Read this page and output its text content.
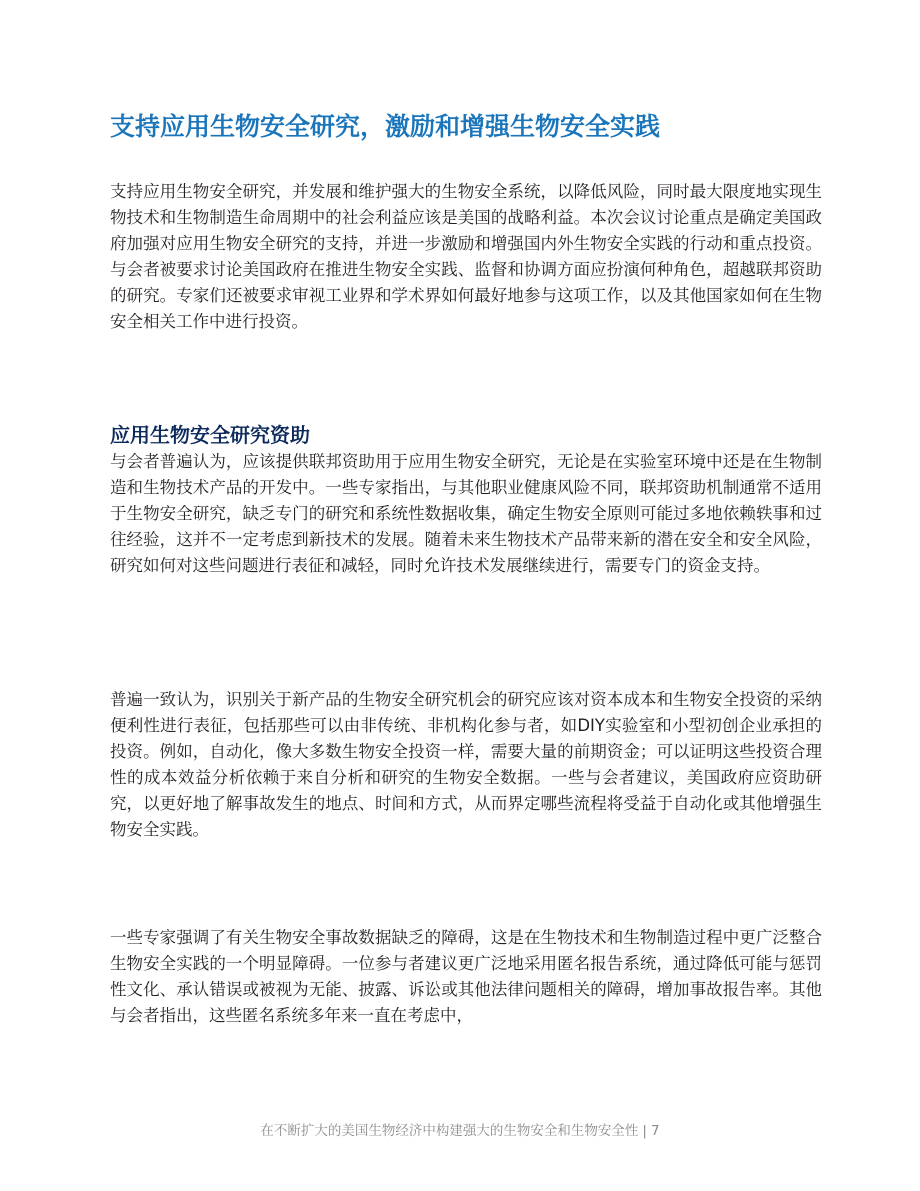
支持应用生物安全研究，激励和增强生物安全实践

支持应用生物安全研究，并发展和维护强大的生物安全系统，以降低风险，同时最大限度地实现生物技术和生物制造生命周期中的社会利益应该是美国的战略利益。本次会议讨论重点是确定美国政府加强对应用生物安全研究的支持，并进一步激励和增强国内外生物安全实践的行动和重点投资。与会者被要求讨论美国政府在推进生物安全实践、监督和协调方面应扮演何种角色，超越联邦资助的研究。专家们还被要求审视工业界和学术界如何最好地参与这项工作，以及其他国家如何在生物安全相关工作中进行投资。

应用生物安全研究资助

与会者普遍认为，应该提供联邦资助用于应用生物安全研究，无论是在实验室环境中还是在生物制造和生物技术产品的开发中。一些专家指出，与其他职业健康风险不同，联邦资助机制通常不适用于生物安全研究，缺乏专门的研究和系统性数据收集，确定生物安全原则可能过多地依赖轶事和过往经验，这并不一定考虑到新技术的发展。随着未来生物技术产品带来新的潜在安全和安全风险，研究如何对这些问题进行表征和减轻，同时允许技术发展继续进行，需要专门的资金支持。

普遍一致认为，识别关于新产品的生物安全研究机会的研究应该对资本成本和生物安全投资的采纳便利性进行表征，包括那些可以由非传统、非机构化参与者，如DIY实验室和小型初创企业承担的投资。例如，自动化，像大多数生物安全投资一样，需要大量的前期资金；可以证明这些投资合理性的成本效益分析依赖于来自分析和研究的生物安全数据。一些与会者建议，美国政府应资助研究，以更好地了解事故发生的地点、时间和方式，从而界定哪些流程将受益于自动化或其他增强生物安全实践。

一些专家强调了有关生物安全事故数据缺乏的障碍，这是在生物技术和生物制造过程中更广泛整合生物安全实践的一个明显障碍。一位参与者建议更广泛地采用匿名报告系统，通过降低可能与惩罚性文化、承认错误或被视为无能、披露、诉讼或其他法律问题相关的障碍，增加事故报告率。其他与会者指出，这些匿名系统多年来一直在考虑中，

在不断扩大的美国生物经济中构建强大的生物安全和生物安全性 | 7
